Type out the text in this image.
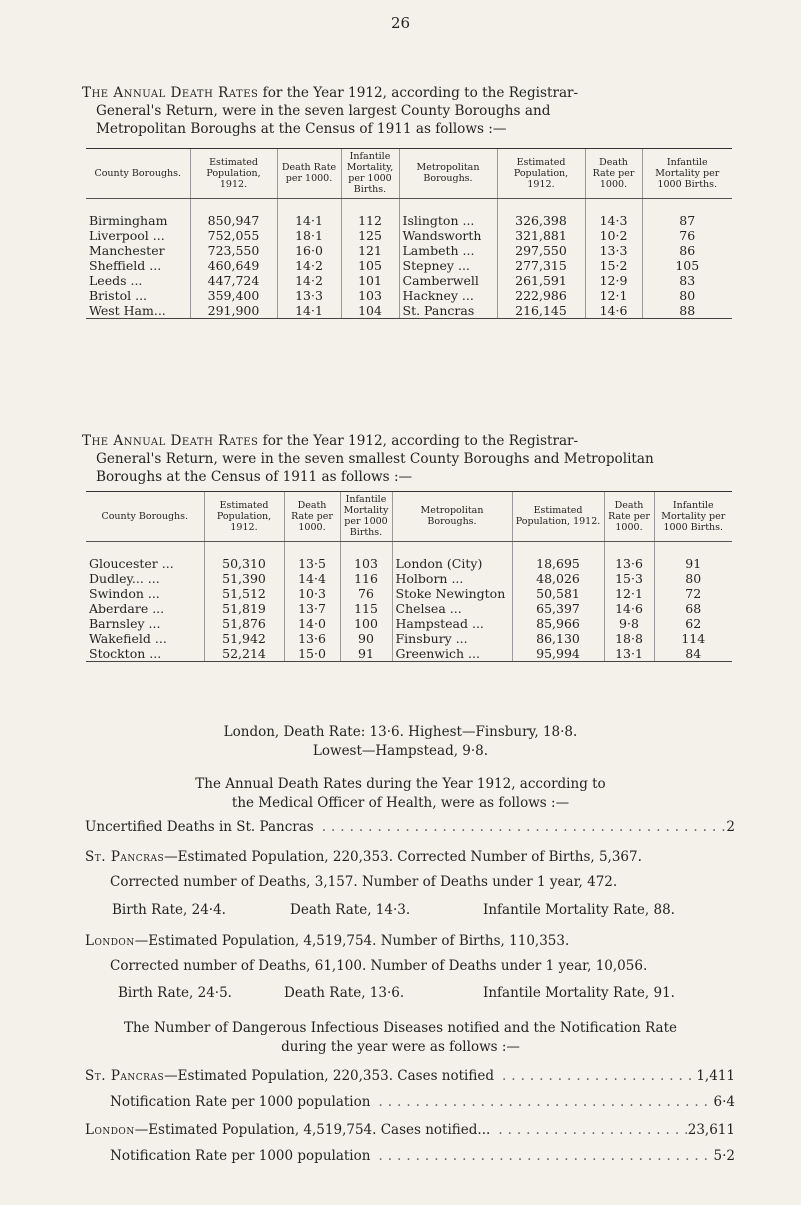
26
The Annual Death Rates for the Year 1912, according to the Registrar-
General's Return, were in the seven largest County Boroughs and
Metropolitan Boroughs at the Census of 1911 as follows :—
County Boroughs.	Estimated Population, 1912.	Death Rate per 1000.	Infantile Mortality, per 1000 Births.	Metropolitan Boroughs.	Estimated Population, 1912.	Death Rate per 1000.	Infantile Mortality per 1000 Births.
Birmingham	850,947	14·1	112	Islington ...	326,398	14·3	87
Liverpool ...	752,055	18·1	125	Wandsworth	321,881	10·2	76
Manchester	723,550	16·0	121	Lambeth ...	297,550	13·3	86
Sheffield ...	460,649	14·2	105	Stepney ...	277,315	15·2	105
Leeds ...	447,724	14·2	101	Camberwell	261,591	12·9	83
Bristol ...	359,400	13·3	103	Hackney ...	222,986	12·1	80
West Ham...	291,900	14·1	104	St. Pancras	216,145	14·6	88
The Annual Death Rates for the Year 1912, according to the Registrar-
General's Return, were in the seven smallest County Boroughs and Metropolitan
Boroughs at the Census of 1911 as follows :—
County Boroughs.	Estimated Population, 1912.	Death Rate per 1000.	Infantile Mortality per 1000 Births.	Metropolitan Boroughs.	Estimated Population, 1912.	Death Rate per 1000.	Infantile Mortality per 1000 Births.
Gloucester ...	50,310	13·5	103	London (City)	18,695	13·6	91
Dudley... ...	51,390	14·4	116	Holborn ...	48,026	15·3	80
Swindon ...	51,512	10·3	76	Stoke Newington	50,581	12·1	72
Aberdare ...	51,819	13·7	115	Chelsea ...	65,397	14·6	68
Barnsley ...	51,876	14·0	100	Hampstead ...	85,966	9·8	62
Wakefield ...	51,942	13·6	90	Finsbury ...	86,130	18·8	114
Stockton ...	52,214	15·0	91	Greenwich ...	95,994	13·1	84
London, Death Rate: 13·6. Highest—Finsbury, 18·8.
Lowest—Hampstead, 9·8.
The Annual Death Rates during the Year 1912, according to
the Medical Officer of Health, were as follows :—
Uncertified Deaths in St. Pancras .....	2
St. Pancras—Estimated Population, 220,353. Corrected Number of Births, 5,367.
Corrected number of Deaths, 3,157. Number of Deaths under 1 year, 472.
Birth Rate, 24·4.	Death Rate, 14·3.	Infantile Mortality Rate, 88.
London—Estimated Population, 4,519,754. Number of Births, 110,353.
Corrected number of Deaths, 61,100. Number of Deaths under 1 year, 10,056.
Birth Rate, 24·5.	Death Rate, 13·6.	Infantile Mortality Rate, 91.
The Number of Dangerous Infectious Diseases notified and the Notification Rate
during the year were as follows :—
St. Pancras—Estimated Population, 220,353. Cases notified .....	1,411
Notification Rate per 1000 population .....	6·4
London—Estimated Population, 4,519,754. Cases notified... .....	23,611
Notification Rate per 1000 population .....	5·2
